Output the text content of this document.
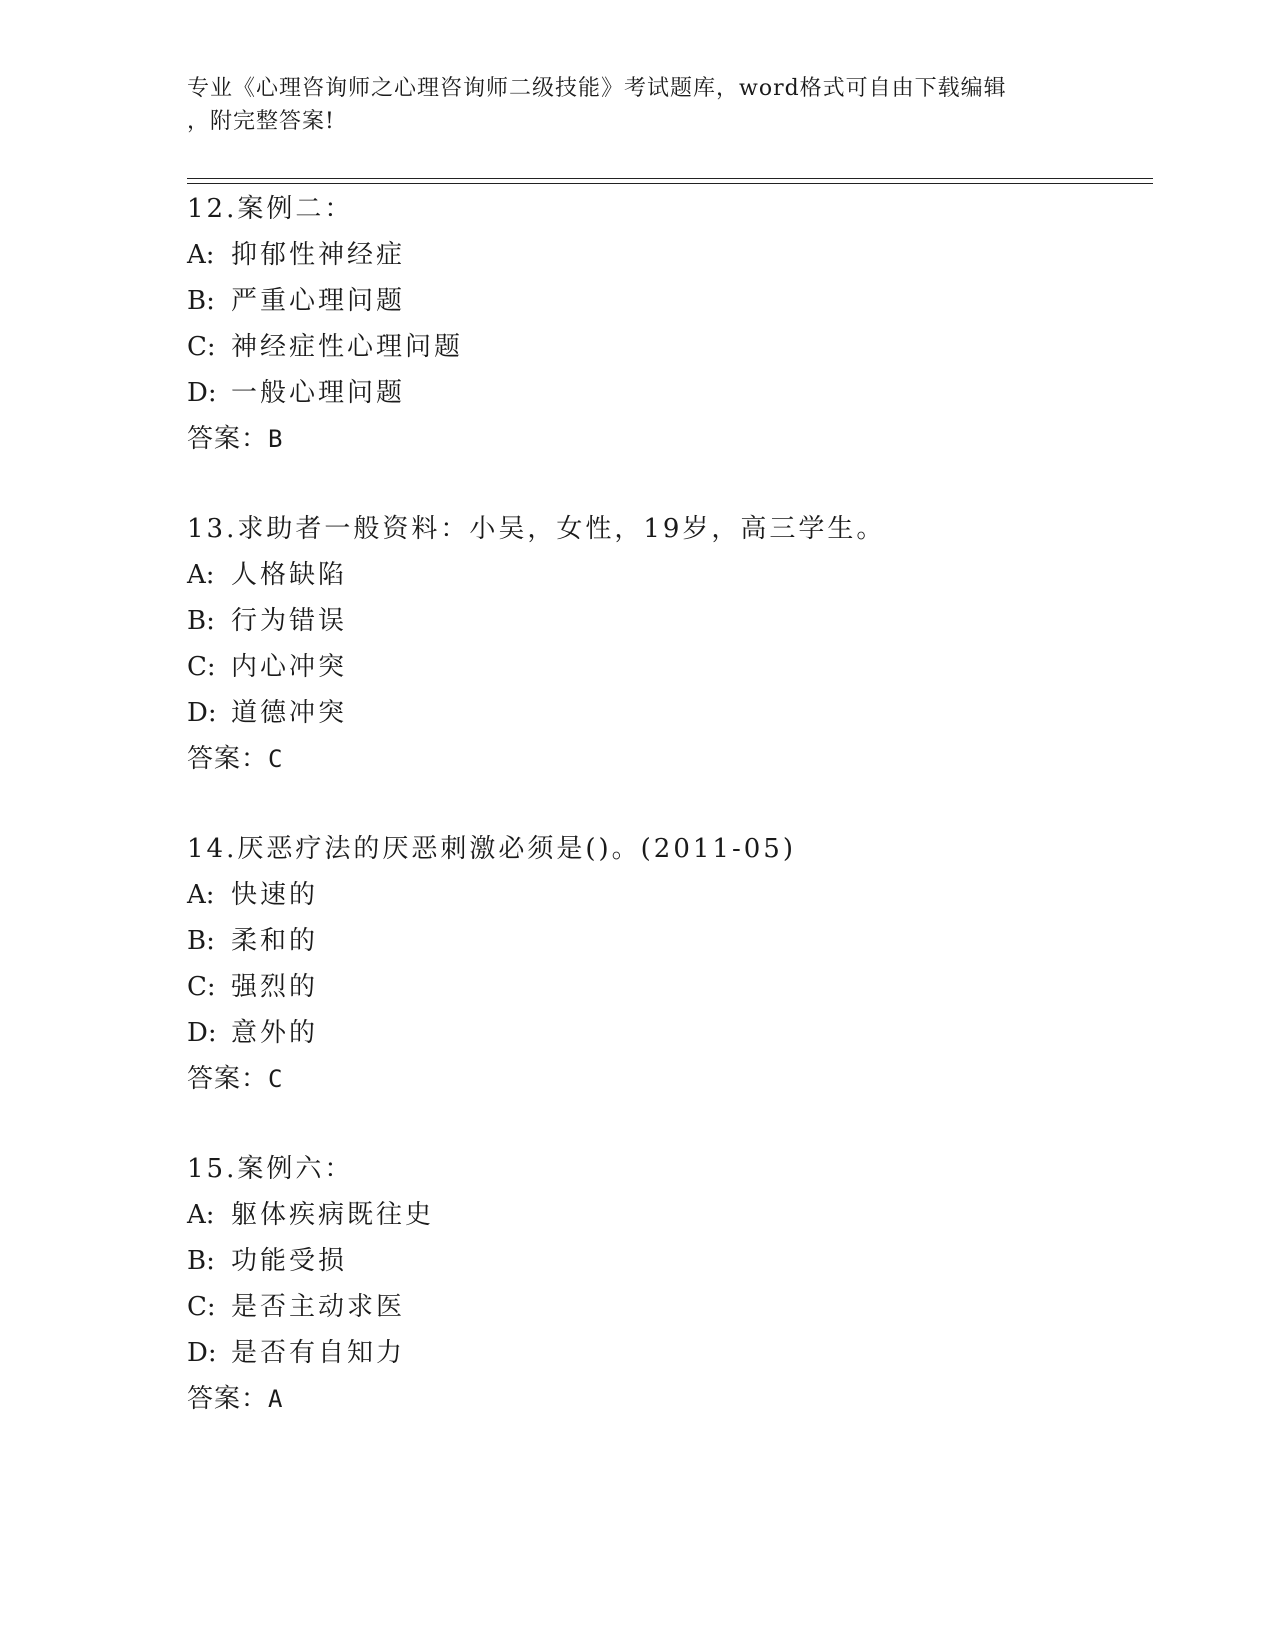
专业《心理咨询师之心理咨询师二级技能》考试题库，word格式可自由下载编辑
，附完整答案!
12.案例二：
A: 抑郁性神经症
B: 严重心理问题
C: 神经症性心理问题
D: 一般心理问题
答案：B
13.求助者一般资料：小吴，女性，19岁，高三学生。
A: 人格缺陷
B: 行为错误
C: 内心冲突
D: 道德冲突
答案：C
14.厌恶疗法的厌恶刺激必须是()。(2011-05)
A: 快速的
B: 柔和的
C: 强烈的
D: 意外的
答案：C
15.案例六：
A: 躯体疾病既往史
B: 功能受损
C: 是否主动求医
D: 是否有自知力
答案：A
